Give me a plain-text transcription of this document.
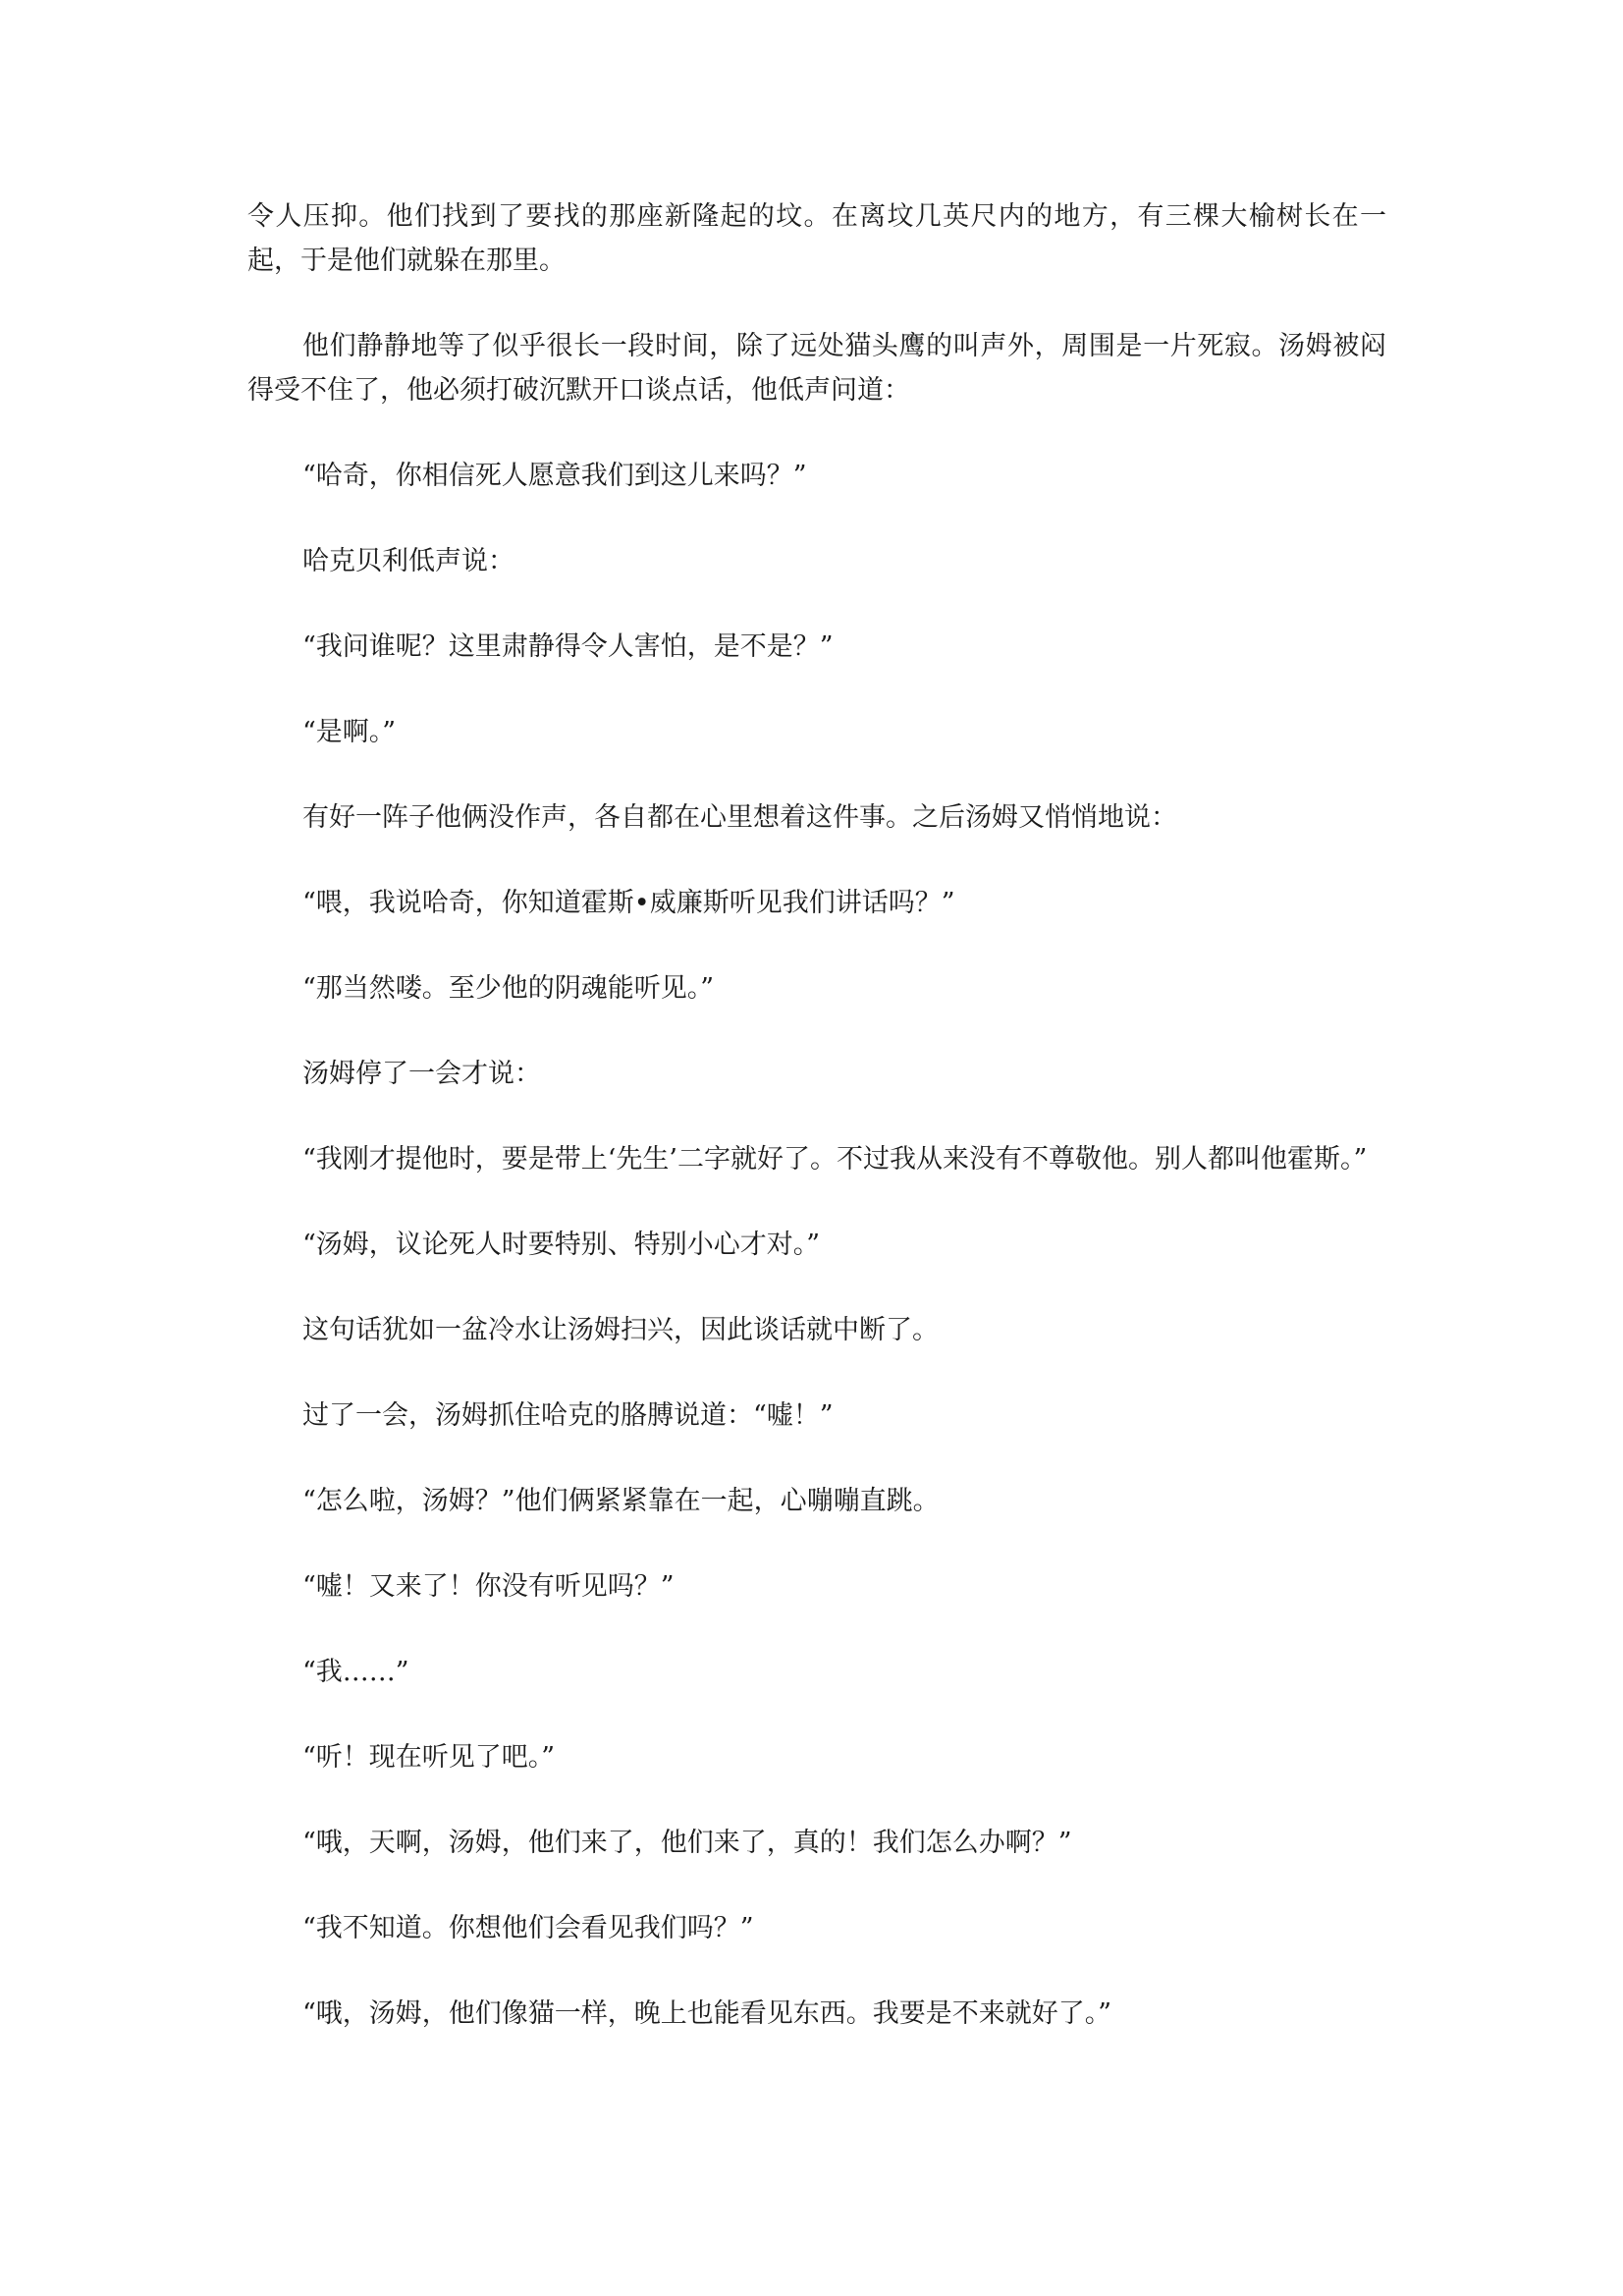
令人压抑。他们找到了要找的那座新隆起的坟。在离坟几英尺内的地方，有三棵大榆树长在一起，于是他们就躲在那里。

他们静静地等了似乎很长一段时间，除了远处猫头鹰的叫声外，周围是一片死寂。汤姆被闷得受不住了，他必须打破沉默开口谈点话，他低声问道：

“哈奇，你相信死人愿意我们到这儿来吗？”

哈克贝利低声说：

“我问谁呢？这里肃静得令人害怕，是不是？”

“是啊。”

有好一阵子他俩没作声，各自都在心里想着这件事。之后汤姆又悄悄地说：

“喂，我说哈奇，你知道霍斯•威廉斯听见我们讲话吗？”

“那当然喽。至少他的阴魂能听见。”

汤姆停了一会才说：

“我刚才提他时，要是带上‘先生’二字就好了。不过我从来没有不尊敬他。别人都叫他霍斯。”

“汤姆，议论死人时要特别、特别小心才对。”

这句话犹如一盆冷水让汤姆扫兴，因此谈话就中断了。

过了一会，汤姆抓住哈克的胳膊说道：“嘘！”

“怎么啦，汤姆？”他们俩紧紧靠在一起，心嘣嘣直跳。

“嘘！又来了！你没有听见吗？”

“我……”

“听！现在听见了吧。”

“哦，天啊，汤姆，他们来了，他们来了，真的！我们怎么办啊？”

“我不知道。你想他们会看见我们吗？”

“哦，汤姆，他们像猫一样，晚上也能看见东西。我要是不来就好了。”
